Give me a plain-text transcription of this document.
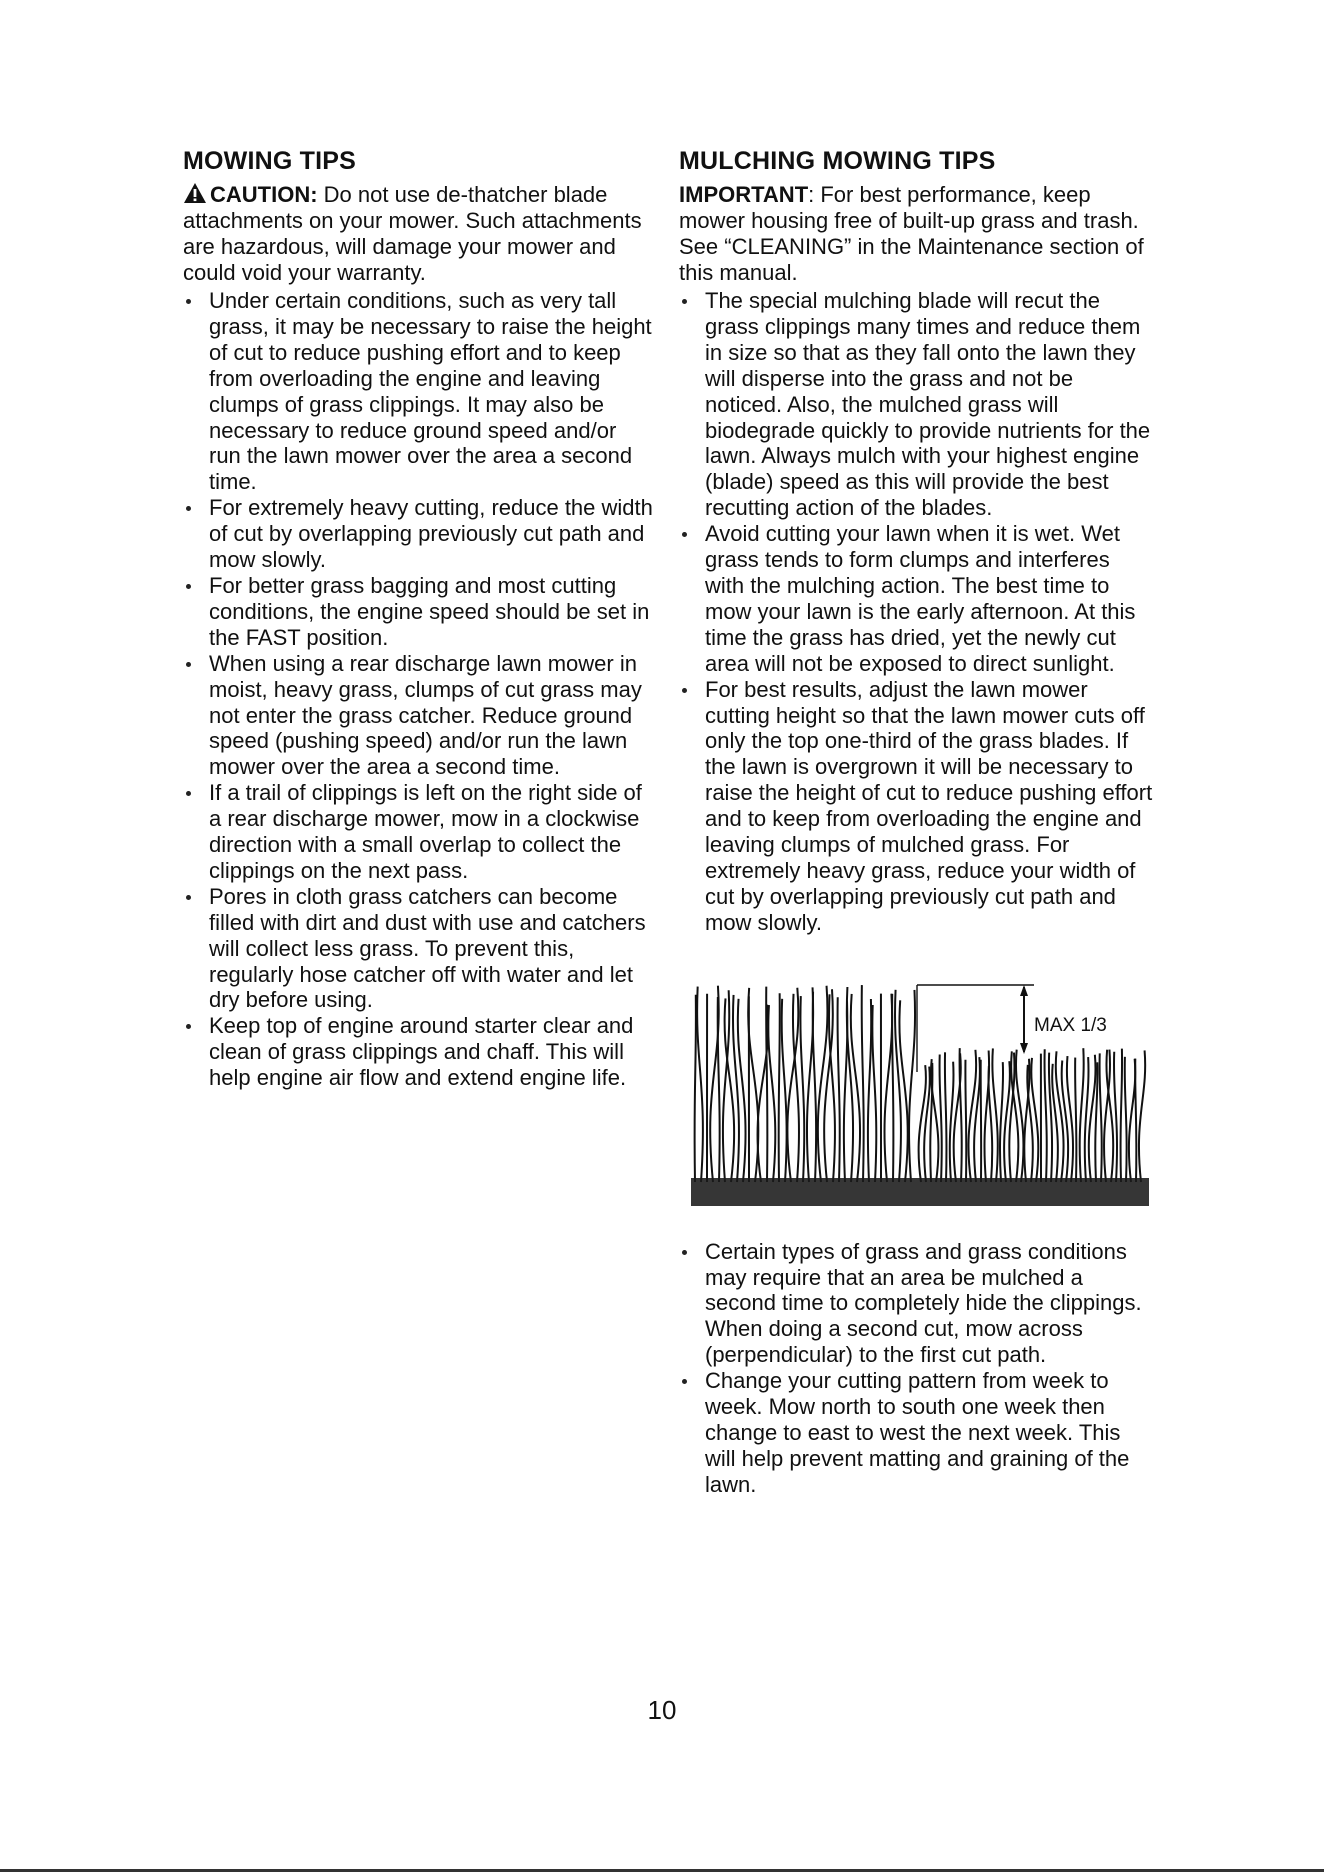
MOWING TIPS

CAUTION: Do not use de-thatcher blade attachments on your mower. Such attachments are hazardous, will damage your mower and could void your warranty.

Under certain conditions, such as very tall grass, it may be necessary to raise the height of cut to reduce pushing effort and to keep from overloading the engine and leaving clumps of grass clippings. It may also be necessary to reduce ground speed and/or run the lawn mower over the area a second time.
For extremely heavy cutting, reduce the width of cut by overlapping previously cut path and mow slowly.
For better grass bagging and most cutting conditions, the engine speed should be set in the FAST position.
When using a rear discharge lawn mower in moist, heavy grass, clumps of cut grass may not enter the grass catcher. Reduce ground speed (pushing speed) and/or run the lawn mower over the area a second time.
If a trail of clippings is left on the right side of a rear discharge mower, mow in a clockwise direction with a small overlap to collect the clippings on the next pass.
Pores in cloth grass catchers can become filled with dirt and dust with use and catchers will collect less grass. To prevent this, regularly hose catcher off with water and let dry before using.
Keep top of engine around starter clear and clean of grass clippings and chaff. This will help engine air flow and extend engine life.
MULCHING MOWING TIPS

IMPORTANT: For best performance, keep mower housing free of built-up grass and trash. See “CLEANING” in the Maintenance section of this manual.

The special mulching blade will recut the grass clippings many times and reduce them in size so that as they fall onto the lawn they will disperse into the grass and not be noticed. Also, the mulched grass will biodegrade quickly to provide nutrients for the lawn. Always mulch with your highest engine (blade) speed as this will provide the best recutting action of the blades.
Avoid cutting your lawn when it is wet. Wet grass tends to form clumps and interferes with the mulching action. The best time to mow your lawn is the early afternoon. At this time the grass has dried, yet the newly cut area will not be exposed to direct sunlight.
For best results, adjust the lawn mower cutting height so that the lawn mower cuts off only the top one-third of the grass blades. If the lawn is overgrown it will be necessary to raise the height of cut to reduce pushing effort and to keep from overloading the engine and leaving clumps of mulched grass. For extremely heavy grass, reduce your width of cut by overlapping previously cut path and mow slowly.
MAX 1/3
Certain types of grass and grass conditions may require that an area be mulched a second time to completely hide the clippings. When doing a second cut, mow across (perpendicular) to the first cut path.
Change your cutting pattern from week to week. Mow north to south one week then change to east to west the next week. This will help prevent matting and graining of the lawn.
10
